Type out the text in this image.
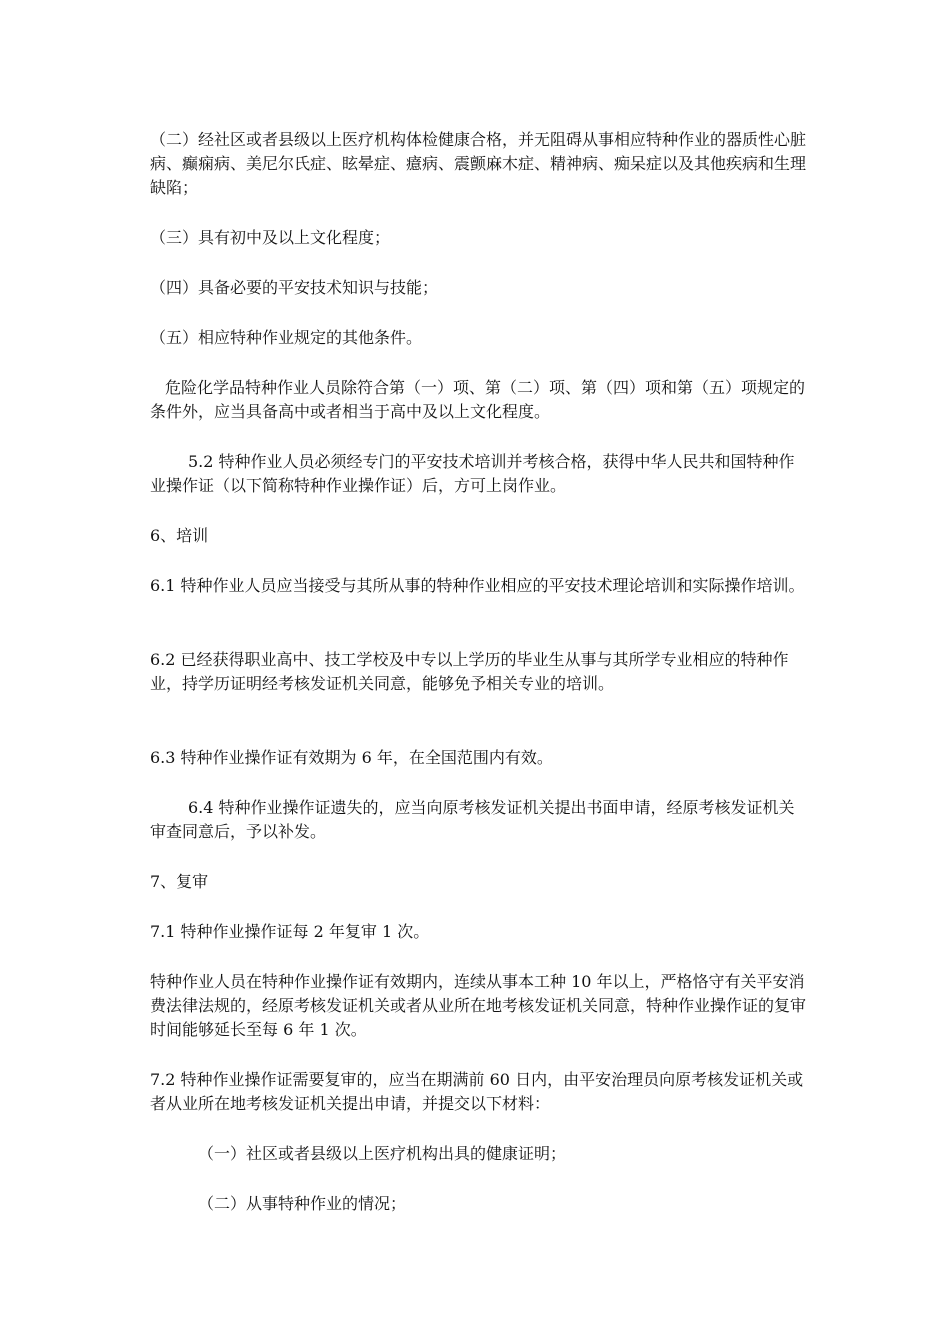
（二）经社区或者县级以上医疗机构体检健康合格，并无阻碍从事相应特种作业的器质性心脏病、癫痫病、美尼尔氏症、眩晕症、癔病、震颤麻木症、精神病、痴呆症以及其他疾病和生理缺陷；

（三）具有初中及以上文化程度；

（四）具备必要的平安技术知识与技能；

（五）相应特种作业规定的其他条件。

危险化学品特种作业人员除符合第（一）项、第（二）项、第（四）项和第（五）项规定的条件外，应当具备高中或者相当于高中及以上文化程度。

5.2 特种作业人员必须经专门的平安技术培训并考核合格，获得中华人民共和国特种作业操作证（以下简称特种作业操作证）后，方可上岗作业。

6、培训

6.1 特种作业人员应当接受与其所从事的特种作业相应的平安技术理论培训和实际操作培训。

6.2 已经获得职业高中、技工学校及中专以上学历的毕业生从事与其所学专业相应的特种作业，持学历证明经考核发证机关同意，能够免予相关专业的培训。

6.3 特种作业操作证有效期为 6 年，在全国范围内有效。

6.4 特种作业操作证遗失的，应当向原考核发证机关提出书面申请，经原考核发证机关审查同意后，予以补发。

7、复审

7.1 特种作业操作证每 2 年复审 1 次。

特种作业人员在特种作业操作证有效期内，连续从事本工种 10 年以上，严格恪守有关平安消费法律法规的，经原考核发证机关或者从业所在地考核发证机关同意，特种作业操作证的复审时间能够延长至每 6 年 1 次。

7.2 特种作业操作证需要复审的，应当在期满前 60 日内，由平安治理员向原考核发证机关或者从业所在地考核发证机关提出申请，并提交以下材料：

（一）社区或者县级以上医疗机构出具的健康证明；

（二）从事特种作业的情况；
